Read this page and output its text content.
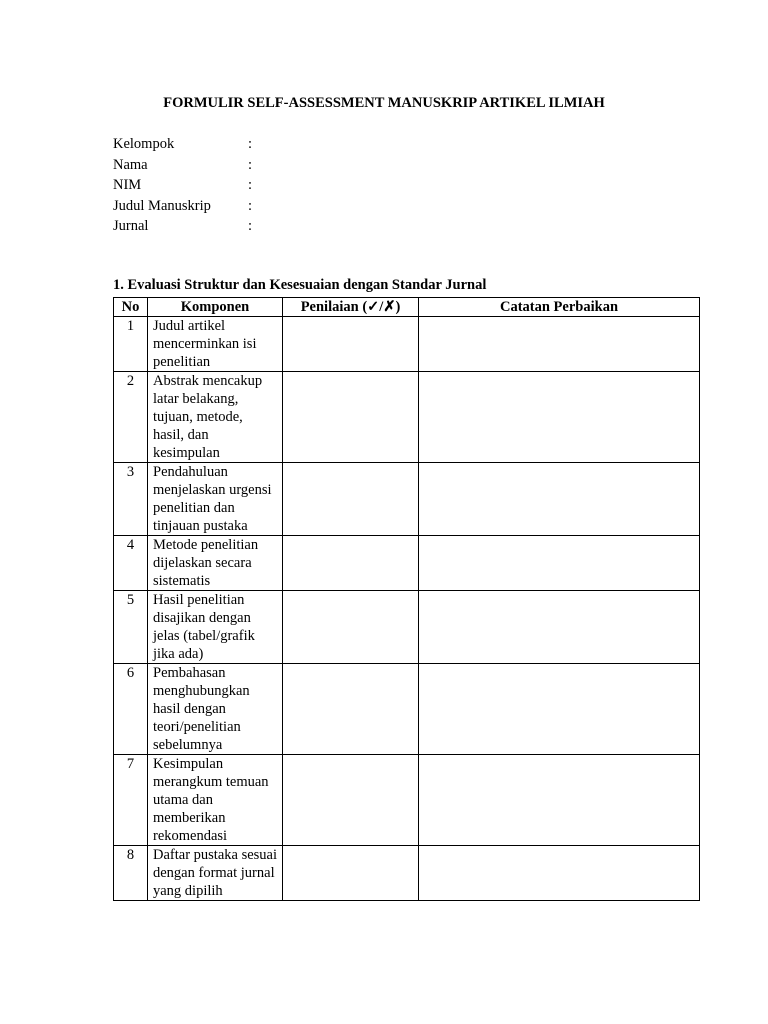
FORMULIR SELF-ASSESSMENT MANUSKRIP ARTIKEL ILMIAH
Kelompok	:
Nama	:
NIM	:
Judul Manuskrip	:
Jurnal	:
1. Evaluasi Struktur dan Kesesuaian dengan Standar Jurnal
No	Komponen	Penilaian (✓/✗)	Catatan Perbaikan
1	Judul artikel mencerminkan isi penelitian		
2	Abstrak mencakup latar belakang, tujuan, metode, hasil, dan kesimpulan		
3	Pendahuluan menjelaskan urgensi penelitian dan tinjauan pustaka		
4	Metode penelitian dijelaskan secara sistematis		
5	Hasil penelitian disajikan dengan jelas (tabel/grafik jika ada)		
6	Pembahasan menghubungkan hasil dengan teori/penelitian sebelumnya		
7	Kesimpulan merangkum temuan utama dan memberikan rekomendasi		
8	Daftar pustaka sesuai dengan format jurnal yang dipilih		
